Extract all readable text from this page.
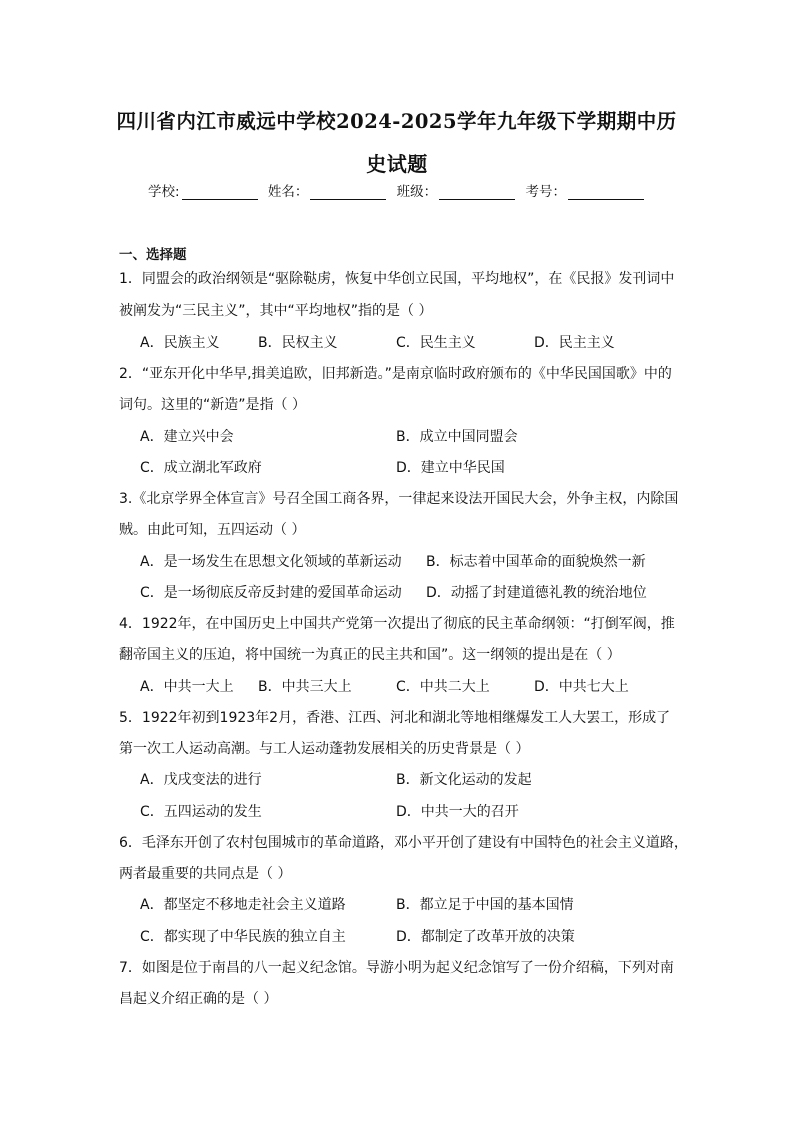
四川省内江市威远中学校2024-2025学年九年级下学期期中历
史试题
学校:	姓名：	班级：	考号：
一、选择题
1．同盟会的政治纲领是“驱除鞑虏，恢复中华创立民国，平均地权”，在《民报》发刊词中
被阐发为“三民主义”，其中“平均地权”指的是（ ）
A．民族主义	B．民权主义	C．民生主义	D．民主主义
2．“亚东开化中华早,揖美追欧，旧邦新造。”是南京临时政府颁布的《中华民国国歌》中的
词句。这里的“新造”是指（ ）
A．建立兴中会	B．成立中国同盟会
C．成立湖北军政府	D．建立中华民国
3.《北京学界全体宣言》号召全国工商各界，一律起来设法开国民大会，外争主权，内除国
贼。由此可知，五四运动（ ）
A．是一场发生在思想文化领域的革新运动 B．标志着中国革命的面貌焕然一新
C．是一场彻底反帝反封建的爱国革命运动 D．动摇了封建道德礼教的统治地位
4．1922年，在中国历史上中国共产党第一次提出了彻底的民主革命纲领：“打倒军阀，推
翻帝国主义的压迫，将中国统一为真正的民主共和国”。这一纲领的提出是在（ ）
A．中共一大上 B．中共三大上	C．中共二大上	D．中共七大上
5．1922年初到1923年2月，香港、江西、河北和湖北等地相继爆发工人大罢工，形成了
第一次工人运动高潮。与工人运动蓬勃发展相关的历史背景是（ ）
A．戊戌变法的进行	B．新文化运动的发起
C．五四运动的发生	D．中共一大的召开
6．毛泽东开创了农村包围城市的革命道路，邓小平开创了建设有中国特色的社会主义道路，
两者最重要的共同点是（ ）
A．都坚定不移地走社会主义道路	B．都立足于中国的基本国情
C．都实现了中华民族的独立自主	D．都制定了改革开放的决策
7．如图是位于南昌的八一起义纪念馆。导游小明为起义纪念馆写了一份介绍稿，下列对南
昌起义介绍正确的是（ ）
